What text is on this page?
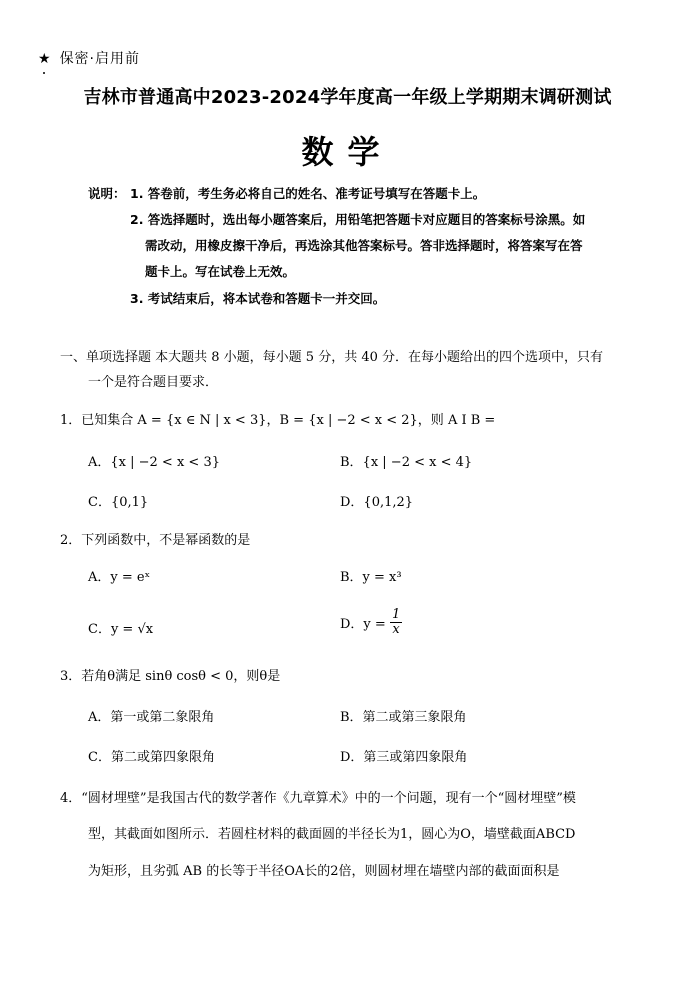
★ 保密·启用前
吉林市普通高中2023-2024学年度高一年级上学期期末调研测试
数学
说明： 1. 答卷前，考生务必将自己的姓名、准考证号填写在答题卡上。
2. 答选择题时，选出每小题答案后，用铅笔把答题卡对应题目的答案标号涂黑。如
需改动，用橡皮擦干净后，再选涂其他答案标号。答非选择题时，将答案写在答
题卡上。写在试卷上无效。
3. 考试结束后，将本试卷和答题卡一并交回。
一、单项选择题 本大题共 8 小题，每小题 5 分，共 40 分．在每小题给出的四个选项中，只有
一个是符合题目要求．
1．已知集合 A = {x ∈ N | x < 3}，B = {x | −2 < x < 2}，则 A I B =
A．{x | −2 < x < 3}	B．{x | −2 < x < 4}
C．{0,1}	D．{0,1,2}
2．下列函数中，不是幂函数的是
A．y = eˣ	B．y = x³
C．y = √x	D．$y = \frac{1}{x}$
3．若角θ满足 sinθ cosθ < 0，则θ是
A．第一或第二象限角	B．第二或第三象限角
C．第二或第四象限角	D．第三或第四象限角
4．“圆材埋壁”是我国古代的数学著作《九章算术》中的一个问题，现有一个“圆材埋壁”模
型，其截面如图所示．若圆柱材料的截面圆的半径长为1，圆心为O，墙壁截面ABCD
为矩形，且劣弧 AB 的长等于半径OA长的2倍，则圆材埋在墙壁内部的截面面积是
